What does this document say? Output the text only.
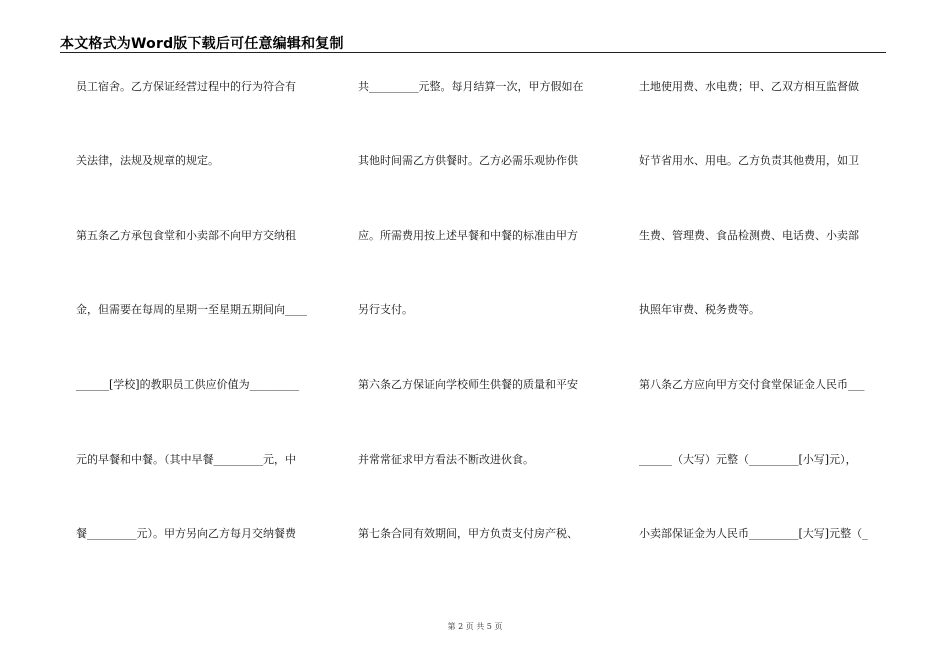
本文格式为Word版下载后可任意编辑和复制
员工宿舍。乙方保证经营过程中的行为符合有
关法律，法规及规章的规定。
第五条乙方承包食堂和小卖部不向甲方交纳租
金，但需要在每周的星期一至星期五期间向____
______[学校]的教职员工供应价值为_________
元的早餐和中餐。（其中早餐_________元，中
餐_________元）。甲方另向乙方每月交纳餐费
共_________元整。每月结算一次，甲方假如在
其他时间需乙方供餐时。乙方必需乐观协作供
应。所需费用按上述早餐和中餐的标准由甲方
另行支付。
第六条乙方保证向学校师生供餐的质量和平安
并常常征求甲方看法不断改进伙食。
第七条合同有效期间，甲方负责支付房产税、
土地使用费、水电费；甲、乙双方相互监督做
好节省用水、用电。乙方负责其他费用，如卫
生费、管理费、食品检测费、电话费、小卖部
执照年审费、税务费等。
第八条乙方应向甲方交付食堂保证金人民币___
______（大写）元整（_________[小写]元），
小卖部保证金为人民币_________[大写]元整（_
第 2 页 共 5 页
